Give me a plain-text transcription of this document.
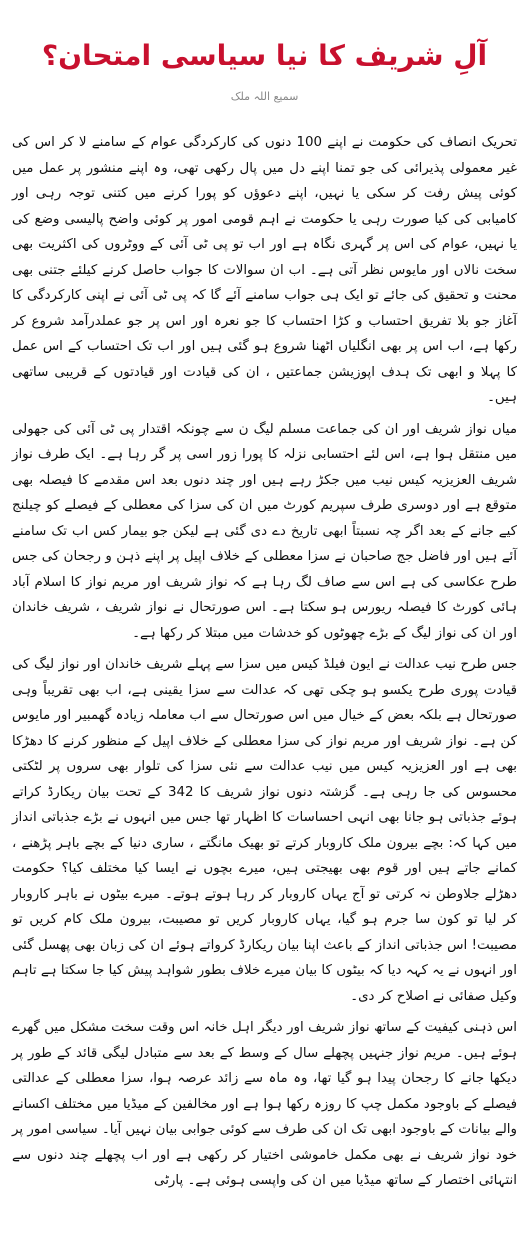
آلِ شریف کا نیا سیاسی امتحان؟
سمیع اللہ ملک

تحریک انصاف کی حکومت نے اپنے 100 دنوں کی کارکردگی عوام کے سامنے لا کر اس کی غیر معمولی پذیرائی کی جو تمنا اپنے دل میں پال رکھی تھی، وہ اپنے منشور پر عمل میں کوئی پیش رفت کر سکی یا نہیں، اپنے دعوؤں کو پورا کرنے میں کتنی توجہ رہی اور کامیابی کی کیا صورت رہی یا حکومت نے اہم قومی امور پر کوئی واضح پالیسی وضع کی یا نہیں، عوام کی اس پر گہری نگاہ ہے اور اب تو پی ٹی آئی کے ووٹروں کی اکثریت بھی سخت نالاں اور مایوس نظر آتی ہے۔ اب ان سوالات کا جواب حاصل کرنے کیلئے جتنی بھی محنت و تحقیق کی جائے تو ایک ہی جواب سامنے آئے گا کہ پی ٹی آئی نے اپنی کارکردگی کا آغاز جو بلا تفریق احتساب و کڑا احتساب کا جو نعرہ اور اس پر جو عملدرآمد شروع کر رکھا ہے، اب اس پر بھی انگلیاں اٹھنا شروع ہو گئی ہیں اور اب تک احتساب کے اس عمل کا پہلا و ابھی تک ہدف اپوزیشن جماعتیں ، ان کی قیادت اور قیادتوں کے قریبی ساتھی ہیں۔

میاں نواز شریف اور ان کی جماعت مسلم لیگ ن سے چونکہ اقتدار پی ٹی آئی کی جھولی میں منتقل ہوا ہے، اس لئے احتسابی نزلہ کا پورا زور اسی پر گر رہا ہے۔ ایک طرف نواز شریف العزیزیہ کیس نیب میں جکڑ رہے ہیں اور چند دنوں بعد اس مقدمے کا فیصلہ بھی متوقع ہے اور دوسری طرف سپریم کورٹ میں ان کی سزا کی معطلی کے فیصلے کو چیلنج کیے جانے کے بعد اگر چہ نسبتاً ابھی تاریخ دے دی گئی ہے لیکن جو بیمار کس اب تک سامنے آئے ہیں اور فاضل جج صاحبان نے سزا معطلی کے خلاف اپیل پر اپنے ذہن و رجحان کی جس طرح عکاسی کی ہے اس سے صاف لگ رہا ہے کہ نواز شریف اور مریم نواز کا اسلام آباد ہائی کورٹ کا فیصلہ ریورس ہو سکتا ہے۔ اس صورتحال نے نواز شریف ، شریف خاندان اور ان کی نواز لیگ کے بڑے چھوٹوں کو خدشات میں مبتلا کر رکھا ہے۔

جس طرح نیب عدالت نے ایون فیلڈ کیس میں سزا سے پہلے شریف خاندان اور نواز لیگ کی قیادت پوری طرح یکسو ہو چکی تھی کہ عدالت سے سزا یقینی ہے، اب بھی تقریباً وہی صورتحال ہے بلکہ بعض کے خیال میں اس صورتحال سے اب معاملہ زیادہ گھمبیر اور مایوس کن ہے۔ نواز شریف اور مریم نواز کی سزا معطلی کے خلاف اپیل کے منظور کرنے کا دھڑکا بھی ہے اور العزیزیہ کیس میں نیب عدالت سے نئی سزا کی تلوار بھی سروں پر لٹکتی محسوس کی جا رہی ہے۔ گزشتہ دنوں نواز شریف کا 342 کے تحت بیان ریکارڈ کراتے ہوئے جذباتی ہو جانا بھی انہی احساسات کا اظہار تھا جس میں انہوں نے بڑے جذباتی انداز میں کہا کہ: بچے بیرون ملک کاروبار کرتے تو بھیک مانگتے ، ساری دنیا کے بچے باہر پڑھنے ، کمانے جاتے ہیں اور قوم بھی بھیجتی ہیں، میرے بچوں نے ایسا کیا مختلف کیا؟ حکومت دھڑلے جلاوطن نہ کرتی تو آج یہاں کاروبار کر رہا ہوتے ہوتے۔ میرے بیٹوں نے باہر کاروبار کر لیا تو کون سا جرم ہو گیا، یہاں کاروبار کریں تو مصیبت، بیرون ملک کام کریں تو مصیبت! اس جذباتی انداز کے باعث اپنا بیان ریکارڈ کرواتے ہوئے ان کی زبان بھی پھسل گئی اور انہوں نے یہ کہہ دیا کہ بیٹوں کا بیان میرے خلاف بطور شواہد پیش کیا جا سکتا ہے تاہم وکیل صفائی نے اصلاح کر دی۔

اس ذہنی کیفیت کے ساتھ نواز شریف اور دیگر اہل خانہ اس وقت سخت مشکل میں گھرے ہوئے ہیں۔ مریم نواز جنہیں پچھلے سال کے وسط کے بعد سے متبادل لیگی قائد کے طور پر دیکھا جانے کا رجحان پیدا ہو گیا تھا، وہ ماہ سے زائد عرصہ ہوا، سزا معطلی کے عدالتی فیصلے کے باوجود مکمل چپ کا روزہ رکھا ہوا ہے اور مخالفین کے میڈیا میں مختلف اکسانے والے بیانات کے باوجود ابھی تک ان کی طرف سے کوئی جوابی بیان نہیں آیا۔ سیاسی امور پر خود نواز شریف نے بھی مکمل خاموشی اختیار کر رکھی ہے اور اب پچھلے چند دنوں سے انتہائی اختصار کے ساتھ میڈیا میں ان کی واپسی ہوئی ہے۔ پارٹی
